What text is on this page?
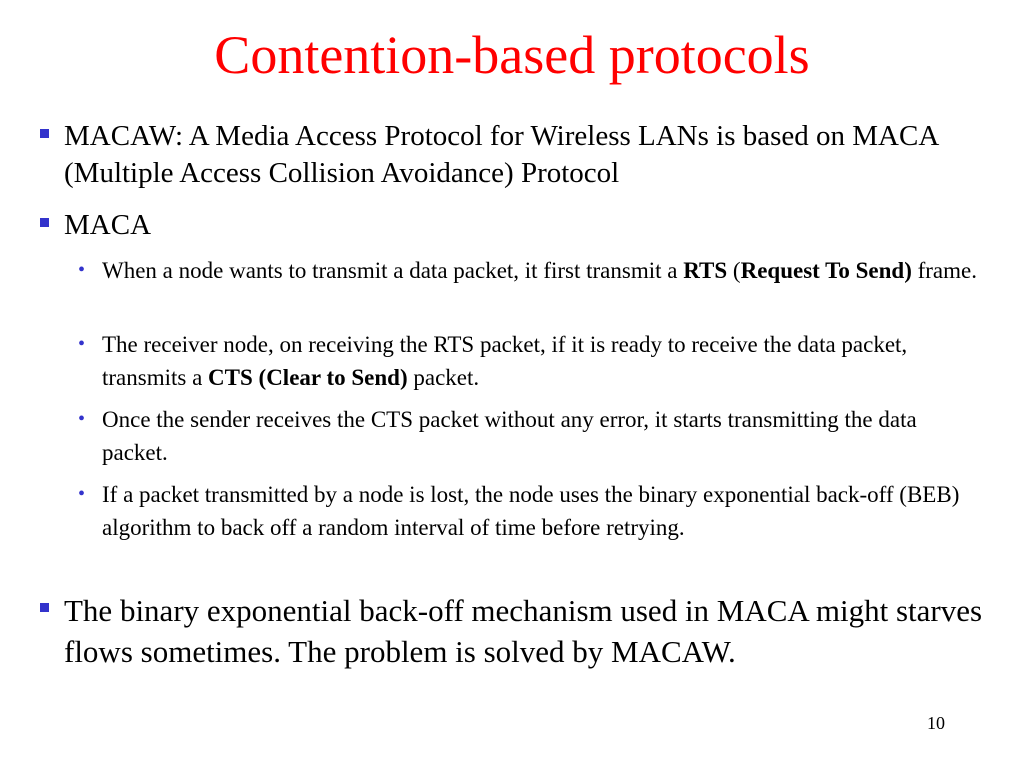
Contention-based protocols
MACAW: A Media Access Protocol for Wireless LANs is based on MACA (Multiple Access Collision Avoidance) Protocol
MACA
• When a node wants to transmit a data packet, it first transmit a RTS (Request To Send) frame.
• The receiver node, on receiving the RTS packet, if it is ready to receive the data packet, transmits a CTS (Clear to Send) packet.
• Once the sender receives the CTS packet without any error, it starts transmitting the data packet.
• If a packet transmitted by a node is lost, the node uses the binary exponential back-off (BEB) algorithm to back off a random interval of time before retrying.
The binary exponential back-off mechanism used in MACA might starves flows sometimes. The problem is solved by MACAW.
10
